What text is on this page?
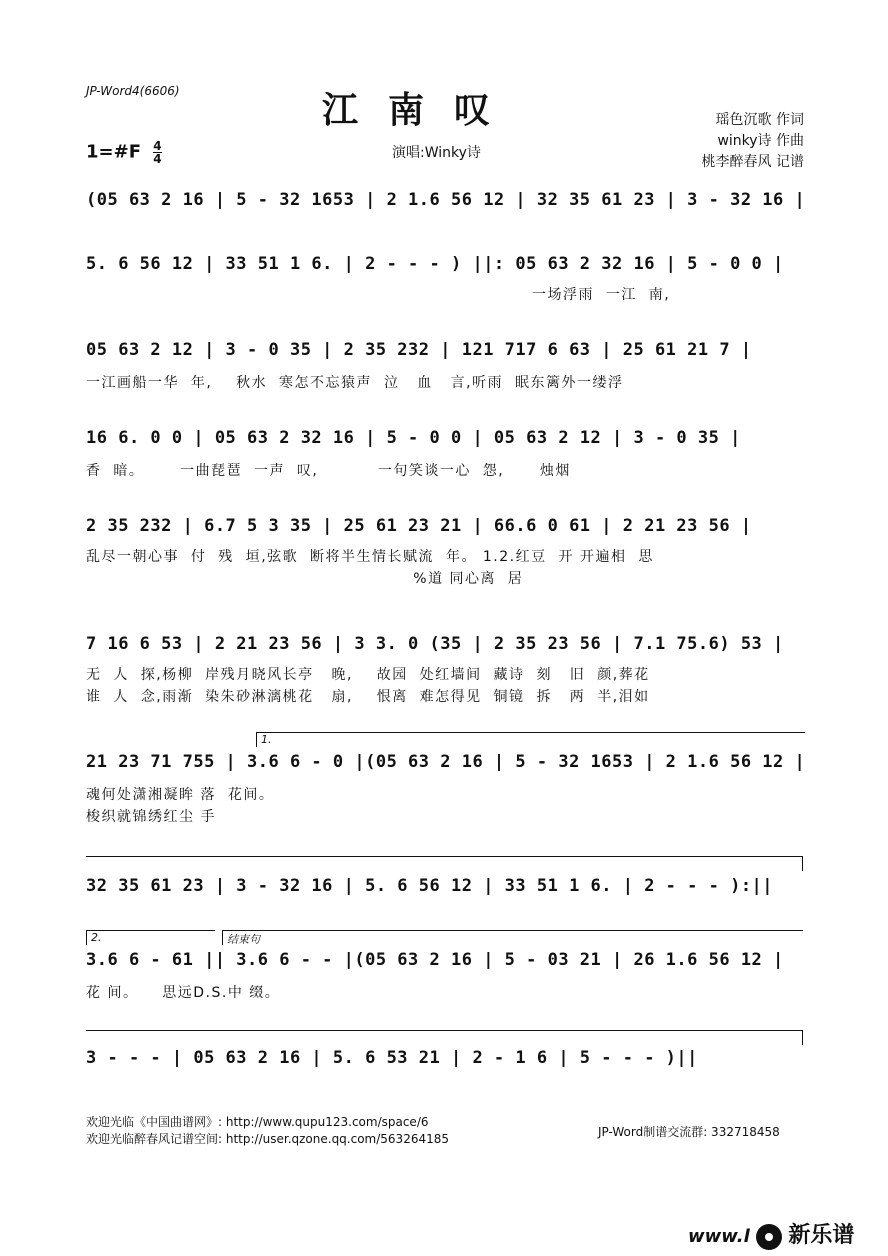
JP-Word4(6606)	江南叹	瑶色沉歌 作词
winky诗 作曲
桃李醉春风 记谱
1=#F $\frac{4}{4}$	演唱:Winky诗
(05 63 2 16 | 5 - 32 1653 | 2 1.6 56 12 | 32 35 61 23 | 3 - 32 16 |
5. 6 56 12 | 33 51 1 6. | 2 - - - ) ||: 05 63 2 32 16 | 5 - 0 0 |
一场浮雨  一江  南,
05 63 2 12 | 3 - 0 35 | 2 35 232 | 121 717 6 63 | 25 61 21 7 |
一江画船一华  年,    秋水  寒怎不忘猿声  泣   血   言,听雨  眠东篱外一缕浮
16 6. 0 0 | 05 63 2 32 16 | 5 - 0 0 | 05 63 2 12 | 3 - 0 35 |
香  暗。      一曲琵琶  一声  叹,          一句笑谈一心  怨,      烛烟
2 35 232 | 6.7 5 3 35 | 25 61 23 21 | 66.6 0 61 | 2 21 23 56 |
乱尽一朝心事  付  残  垣,弦歌  断将半生情长赋流  年。 1.2.红豆  开 开遍相  思
%道 同心离  居
7 16 6 53 | 2 21 23 56 | 3 3. 0 (35 | 2 35 23 56 | 7.1 75.6) 53 |
无  人  探,杨柳  岸残月晓风长亭   晚,    故园  处红墙间  藏诗  刻   旧  颜,葬花
谁  人  念,雨渐  染朱砂淋漓桃花   扇,    恨离  难怎得见  铜镜  拆   两  半,泪如
1.
21 23 71 755 | 3.6 6 - 0 |(05 63 2 16 | 5 - 32 1653 | 2 1.6 56 12 |
魂何处潇湘凝眸 落  花间。
梭织就锦绣红尘 手
32 35 61 23 | 3 - 32 16 | 5. 6 56 12 | 33 51 1 6. | 2 - - - ):||
2.	结束句
3.6 6 - 61 || 3.6 6 - - |(05 63 2 16 | 5 - 03 21 | 26 1.6 56 12 |
花 间。    思远D.S.中 缀。
3 - - - | 05 63 2 16 | 5. 6 53 21 | 2 - 1 6 | 5 - - - )||
欢迎光临《中国曲谱网》: http://www.qupu123.com/space/6
欢迎光临醉春风记谱空间: http://user.qzone.qq.com/563264185	JP-Word制谱交流群: 332718458
www.l 新乐谱
